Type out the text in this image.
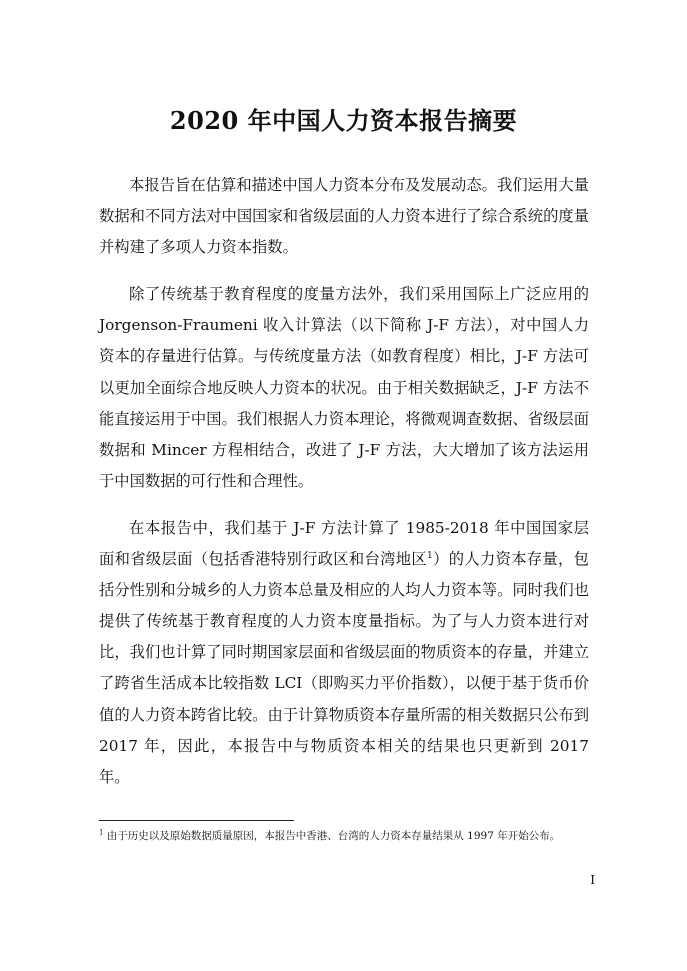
2020 年中国人力资本报告摘要

本报告旨在估算和描述中国人力资本分布及发展动态。我们运用大量数据和不同方法对中国国家和省级层面的人力资本进行了综合系统的度量并构建了多项人力资本指数。

除了传统基于教育程度的度量方法外，我们采用国际上广泛应用的 Jorgenson-Fraumeni 收入计算法（以下简称 J-F 方法），对中国人力资本的存量进行估算。与传统度量方法（如教育程度）相比，J-F 方法可以更加全面综合地反映人力资本的状况。由于相关数据缺乏，J-F 方法不能直接运用于中国。我们根据人力资本理论，将微观调查数据、省级层面数据和 Mincer 方程相结合，改进了 J-F 方法，大大增加了该方法运用于中国数据的可行性和合理性。

在本报告中，我们基于 J-F 方法计算了 1985-2018 年中国国家层面和省级层面（包括香港特别行政区和台湾地区$^1$）的人力资本存量，包括分性别和分城乡的人力资本总量及相应的人均人力资本等。同时我们也提供了传统基于教育程度的人力资本度量指标。为了与人力资本进行对比，我们也计算了同时期国家层面和省级层面的物质资本的存量，并建立了跨省生活成本比较指数 LCI（即购买力平价指数），以便于基于货币价值的人力资本跨省比较。由于计算物质资本存量所需的相关数据只公布到 2017 年，因此，本报告中与物质资本相关的结果也只更新到 2017 年。

$^1$ 由于历史以及原始数据质量原因，本报告中香港、台湾的人力资本存量结果从 1997 年开始公布。
I
